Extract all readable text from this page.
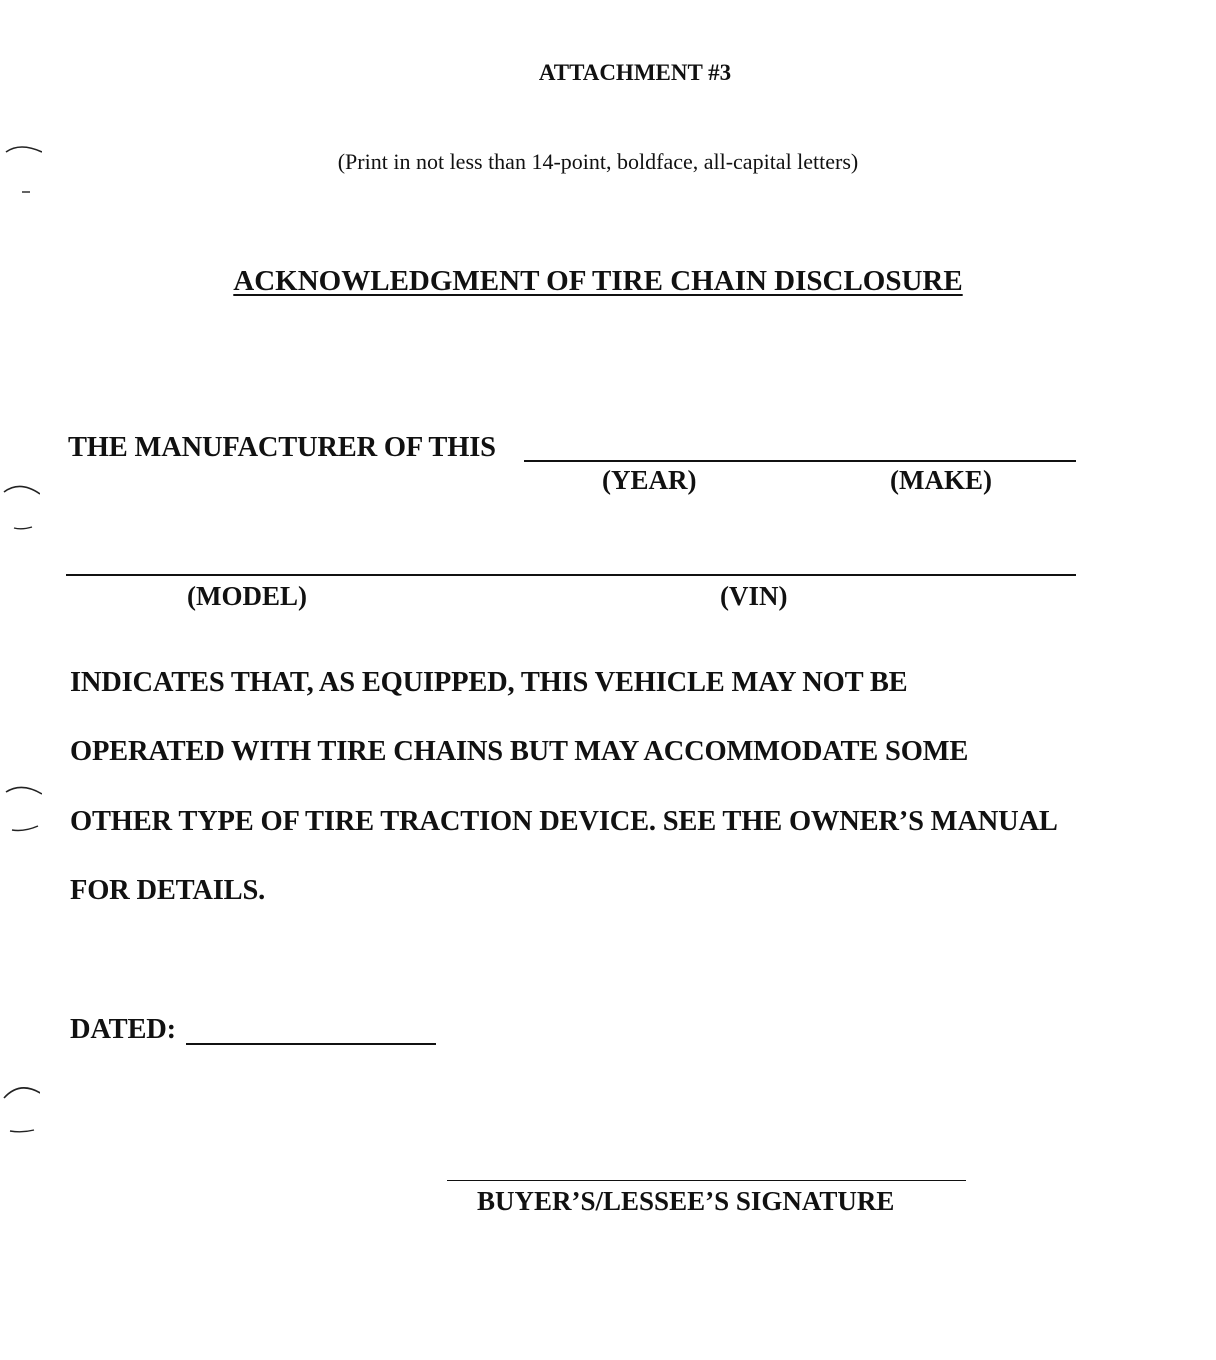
ATTACHMENT #3
(Print in not less than 14-point, boldface, all-capital letters)
ACKNOWLEDGMENT OF TIRE CHAIN DISCLOSURE
THE MANUFACTURER OF THIS
(YEAR)	(MAKE)
(MODEL)	(VIN)
INDICATES THAT, AS EQUIPPED, THIS VEHICLE MAY NOT BE
OPERATED WITH TIRE CHAINS BUT MAY ACCOMMODATE SOME
OTHER TYPE OF TIRE TRACTION DEVICE. SEE THE OWNER’S MANUAL
FOR DETAILS.
DATED:
BUYER’S/LESSEE’S SIGNATURE
